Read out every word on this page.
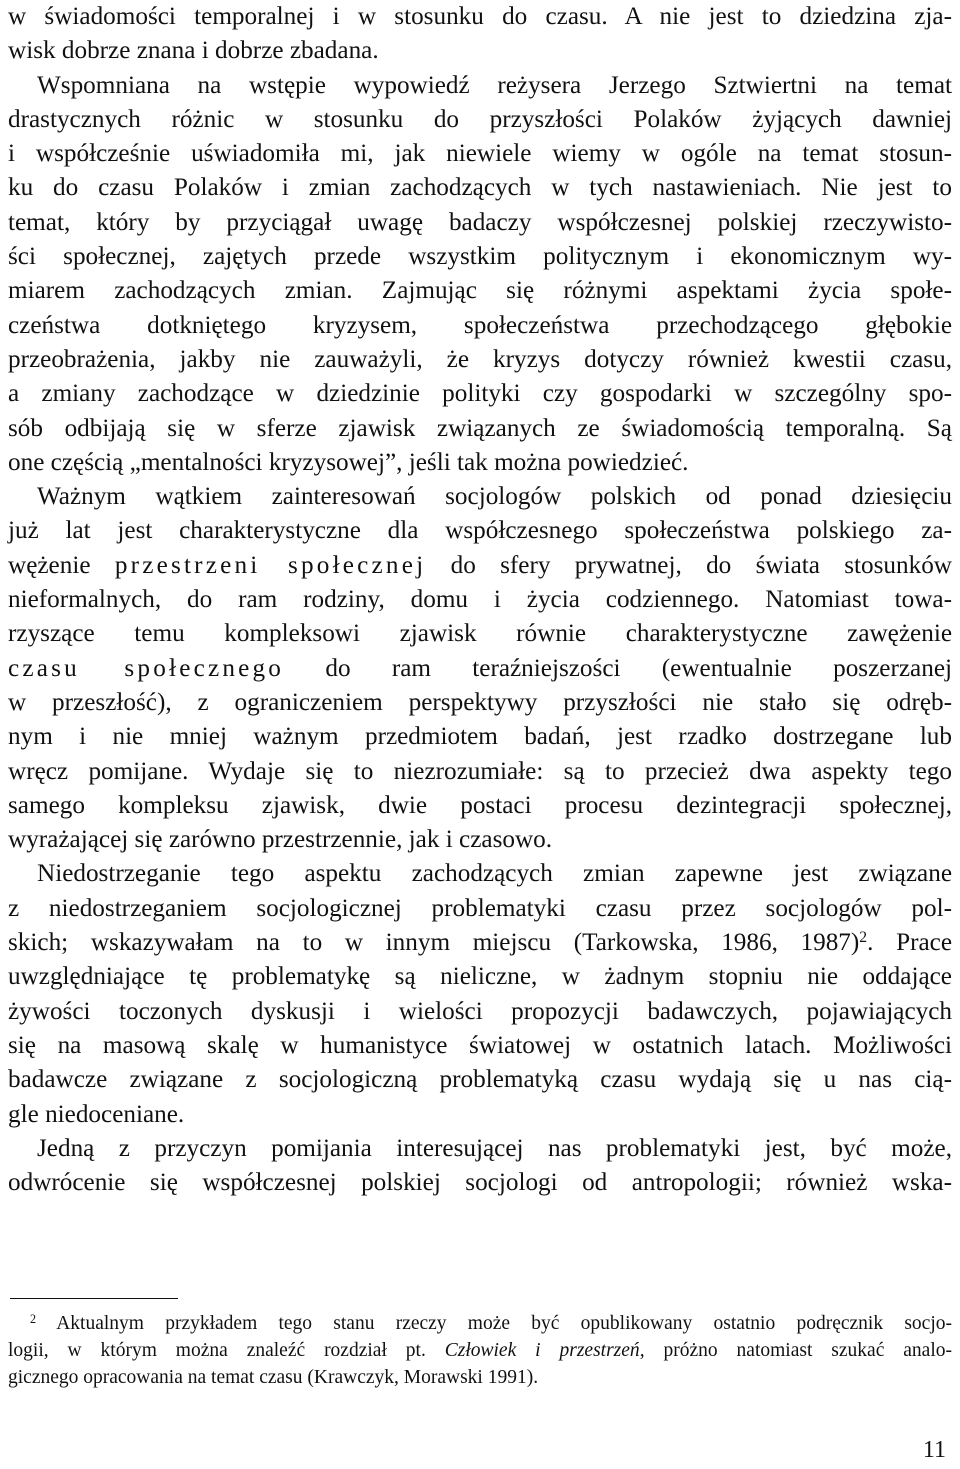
w świadomości temporalnej i w stosunku do czasu. A nie jest to dziedzina zja-
wisk dobrze znana i dobrze zbadana.
Wspomniana na wstępie wypowiedź reżysera Jerzego Sztwiertni na temat
drastycznych różnic w stosunku do przyszłości Polaków żyjących dawniej
i współcześnie uświadomiła mi, jak niewiele wiemy w ogóle na temat stosun-
ku do czasu Polaków i zmian zachodzących w tych nastawieniach. Nie jest to
temat, który by przyciągał uwagę badaczy współczesnej polskiej rzeczywisto-
ści społecznej, zajętych przede wszystkim politycznym i ekonomicznym wy-
miarem zachodzących zmian. Zajmując się różnymi aspektami życia społe-
czeństwa dotkniętego kryzysem, społeczeństwa przechodzącego głębokie
przeobrażenia, jakby nie zauważyli, że kryzys dotyczy również kwestii czasu,
a zmiany zachodzące w dziedzinie polityki czy gospodarki w szczególny spo-
sób odbijają się w sferze zjawisk związanych ze świadomością temporalną. Są
one częścią „mentalności kryzysowej”, jeśli tak można powiedzieć.
Ważnym wątkiem zainteresowań socjologów polskich od ponad dziesięciu
już lat jest charakterystyczne dla współczesnego społeczeństwa polskiego za-
wężenie przestrzeni społecznej do sfery prywatnej, do świata stosunków
nieformalnych, do ram rodziny, domu i życia codziennego. Natomiast towa-
rzyszące temu kompleksowi zjawisk równie charakterystyczne zawężenie
czasu społecznego do ram teraźniejszości (ewentualnie poszerzanej
w przeszłość), z ograniczeniem perspektywy przyszłości nie stało się odręb-
nym i nie mniej ważnym przedmiotem badań, jest rzadko dostrzegane lub
wręcz pomijane. Wydaje się to niezrozumiałe: są to przecież dwa aspekty tego
samego kompleksu zjawisk, dwie postaci procesu dezintegracji społecznej,
wyrażającej się zarówno przestrzennie, jak i czasowo.
Niedostrzeganie tego aspektu zachodzących zmian zapewne jest związane
z niedostrzeganiem socjologicznej problematyki czasu przez socjologów pol-
skich; wskazywałam na to w innym miejscu (Tarkowska, 1986, 1987)$^2$. Prace
uwzględniające tę problematykę są nieliczne, w żadnym stopniu nie oddające
żywości toczonych dyskusji i wielości propozycji badawczych, pojawiających
się na masową skalę w humanistyce światowej w ostatnich latach. Możliwości
badawcze związane z socjologiczną problematyką czasu wydają się u nas cią-
gle niedoceniane.
Jedną z przyczyn pomijania interesującej nas problematyki jest, być może,
odwrócenie się współczesnej polskiej socjologi od antropologii; również wska-
$^2$ Aktualnym przykładem tego stanu rzeczy może być opublikowany ostatnio podręcznik socjo-
logii, w którym można znaleźć rozdział pt. Człowiek i przestrzeń, próżno natomiast szukać analo-
gicznego opracowania na temat czasu (Krawczyk, Morawski 1991).
11
